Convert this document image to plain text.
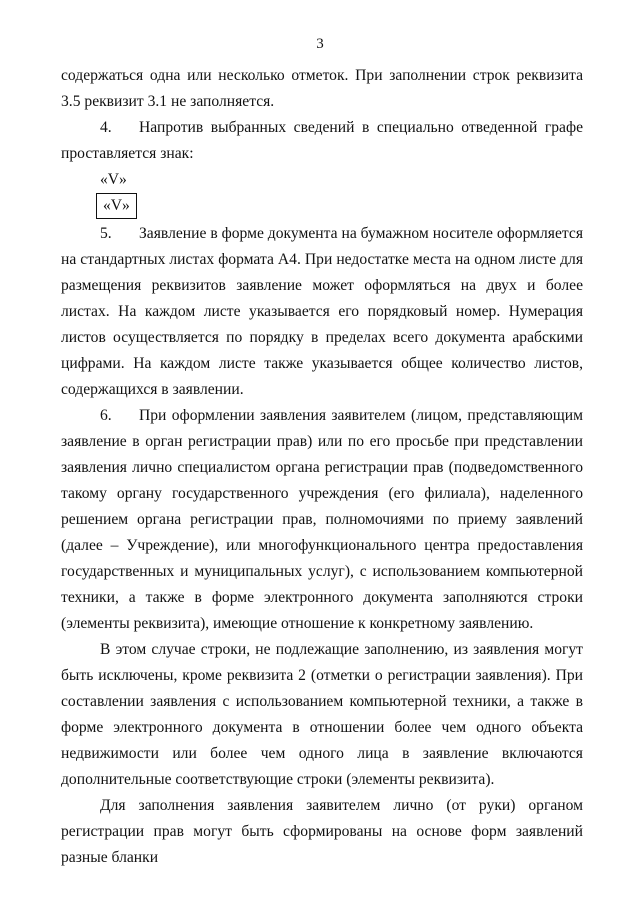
3

содержаться одна или несколько отметок. При заполнении строк реквизита 3.5 реквизит 3.1 не заполняется.

4. Напротив выбранных сведений в специально отведенной графе проставляется знак:

«V»

«V»

5. Заявление в форме документа на бумажном носителе оформляется на стандартных листах формата А4. При недостатке места на одном листе для размещения реквизитов заявление может оформляться на двух и более листах. На каждом листе указывается его порядковый номер. Нумерация листов осуществляется по порядку в пределах всего документа арабскими цифрами. На каждом листе также указывается общее количество листов, содержащихся в заявлении.

6. При оформлении заявления заявителем (лицом, представляющим заявление в орган регистрации прав) или по его просьбе при представлении заявления лично специалистом органа регистрации прав (подведомственного такому органу государственного учреждения (его филиала), наделенного решением органа регистрации прав, полномочиями по приему заявлений (далее – Учреждение), или многофункционального центра предоставления государственных и муниципальных услуг), с использованием компьютерной техники, а также в форме электронного документа заполняются строки (элементы реквизита), имеющие отношение к конкретному заявлению.

В этом случае строки, не подлежащие заполнению, из заявления могут быть исключены, кроме реквизита 2 (отметки о регистрации заявления). При составлении заявления с использованием компьютерной техники, а также в форме электронного документа в отношении более чем одного объекта недвижимости или более чем одного лица в заявление включаются дополнительные соответствующие строки (элементы реквизита).

Для заполнения заявления заявителем лично (от руки) органом регистрации прав могут быть сформированы на основе форм заявлений разные бланки
